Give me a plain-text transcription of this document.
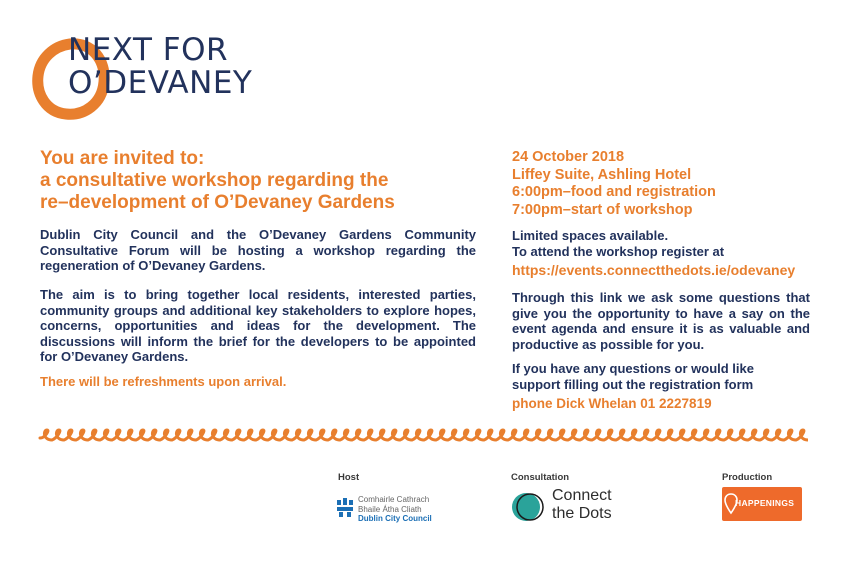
NEXT FOR
O’DEVANEY
You are invited to:
a consultative workshop regarding the
re–development of O’Devaney Gardens
Dublin City Council and the O’Devaney Gardens Community Consultative Forum will be hosting a workshop regarding the regeneration of O’Devaney Gardens.
The aim is to bring together local residents, interested parties, community groups and additional key stakeholders to explore hopes, concerns, opportunities and ideas for the development. The discussions will inform the brief for the developers to be appointed for O’Devaney Gardens.
There will be refreshments upon arrival.
24 October 2018
Liffey Suite, Ashling Hotel
6:00pm–food and registration
7:00pm–start of workshop
Limited spaces available.
To attend the workshop register at
https://events.connectthedots.ie/odevaney
Through this link we ask some questions that give you the opportunity to have a say on the event agenda and ensure it is as valuable and productive as possible for you.
If you have any questions or would like
support filling out the registration form
phone Dick Whelan 01 2227819
Host	Consultation	Production
Comhairle Cathrach
Bhaile Átha Cliath
Dublin City Council
Connect
the Dots
HAPPENINGS
